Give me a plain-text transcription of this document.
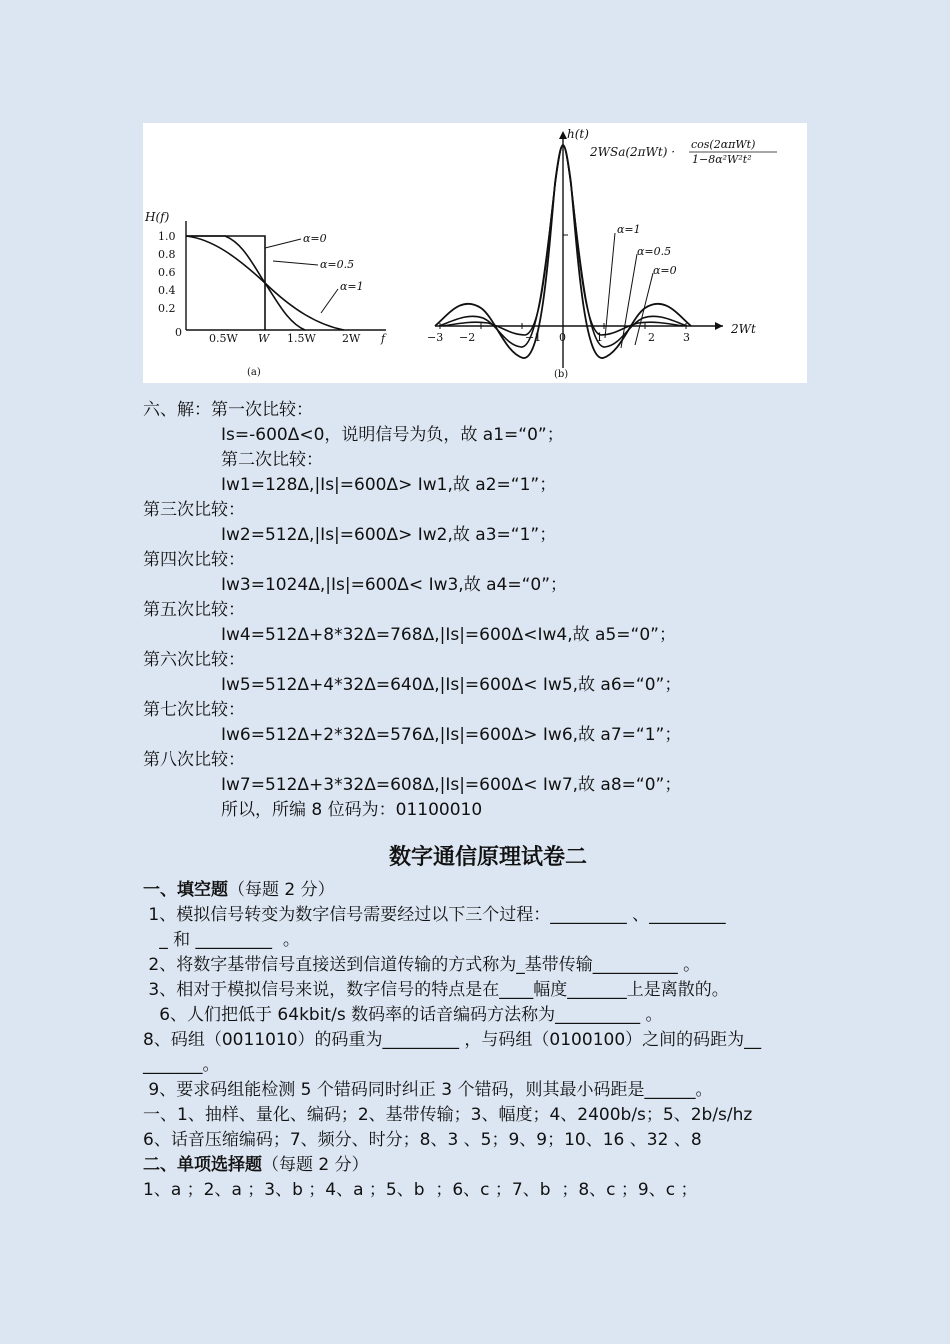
H(f)
1.0
0.8
0.6
0.4
0.2
0 0.5W W 1.5W 2W f
α=0
α=0.5
α=1
(a)
h(t)
2WSa(2πWt) ·
cos(2απWt)
1−8α²W²t²
−3 −2	−1 0	1	2	3
2Wt
α=1
α=0.5
α=0
(b)
六、解：第一次比较：
Is=-600Δ<0，说明信号为负，故 a1=“0”；
第二次比较：
Iw1=128Δ,|Is|=600Δ> Iw1,故 a2=“1”；
第三次比较：
Iw2=512Δ,|Is|=600Δ> Iw2,故 a3=“1”；
第四次比较：
Iw3=1024Δ,|Is|=600Δ< Iw3,故 a4=“0”；
第五次比较：
Iw4=512Δ+8*32Δ=768Δ,|Is|=600Δ<Iw4,故 a5=“0”；
第六次比较：
Iw5=512Δ+4*32Δ=640Δ,|Is|=600Δ< Iw5,故 a6=“0”；
第七次比较：
Iw6=512Δ+2*32Δ=576Δ,|Is|=600Δ> Iw6,故 a7=“1”；
第八次比较：
Iw7=512Δ+3*32Δ=608Δ,|Is|=600Δ< Iw7,故 a8=“0”；
所以，所编 8 位码为：01100010
数字通信原理试卷二
一、填空题（每题 2 分）
1、模拟信号转变为数字信号需要经过以下三个过程：_________ 、_________
_ 和 _________  。
2、将数字基带信号直接送到信道传输的方式称为_基带传输__________ 。
3、相对于模拟信号来说，数字信号的特点是在____幅度_______上是离散的。
6、人们把低于 64kbit/s 数码率的话音编码方法称为__________ 。
8、码组（0011010）的码重为_________ ，与码组（0100100）之间的码距为__
_______。
9、要求码组能检测 5 个错码同时纠正 3 个错码，则其最小码距是______。
一、1、抽样、量化、编码；2、基带传输；3、幅度；4、2400b/s；5、2b/s/hz
6、话音压缩编码；7、频分、时分；8、3 、5；9、9；10、16 、32 、8
二、单项选择题（每题 2 分）
1、a ；2、a ；3、b ；4、a ；5、b  ；6、c ；7、b  ；8、c ；9、c ；
